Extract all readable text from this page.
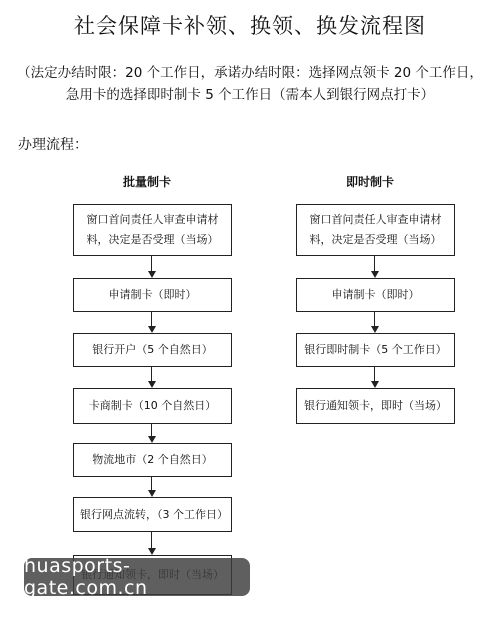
社会保障卡补领、换领、换发流程图
（法定办结时限：20 个工作日，承诺办结时限：选择网点领卡 20 个工作日，
急用卡的选择即时制卡 5 个工作日（需本人到银行网点打卡）
办理流程：
批量制卡
窗口首问责任人审查申请材料，决定是否受理（当场）
申请制卡（即时）
银行开户（5 个自然日）
卡商制卡（10 个自然日）
物流地市（2 个自然日）
银行网点流转，（3 个工作日）
即时制卡
窗口首问责任人审查申请材料，决定是否受理（当场）
申请制卡（即时）
银行即时制卡（5 个工作日）
银行通知领卡，即时（当场）
huasports-gate.com.cn
